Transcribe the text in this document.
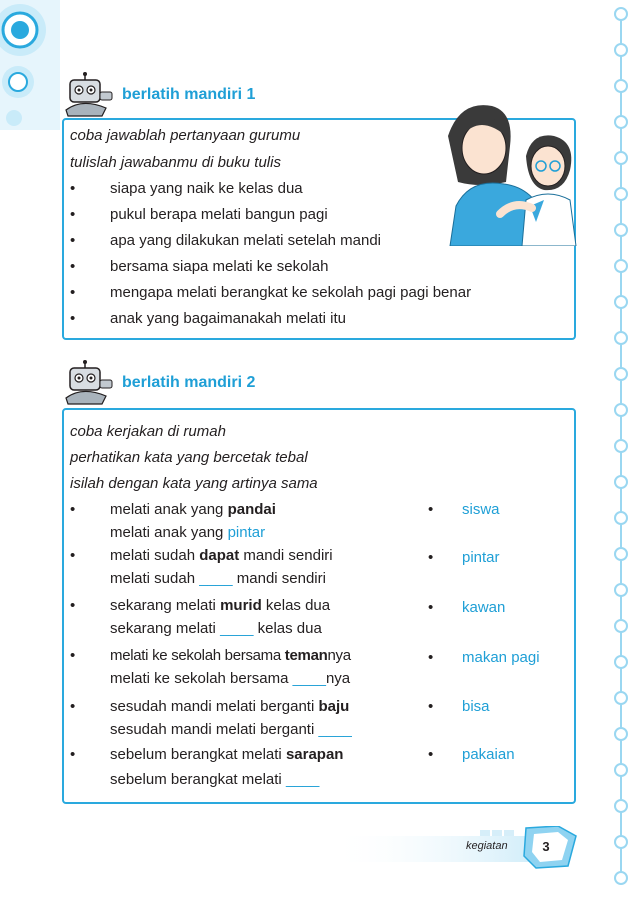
berlatih mandiri 1
coba jawablah pertanyaan gurumu
tulislah jawabanmu di buku tulis
• siapa yang naik ke kelas dua
• pukul berapa melati bangun pagi
• apa yang dilakukan melati setelah mandi
• bersama siapa melati ke sekolah
• mengapa melati berangkat ke sekolah pagi pagi benar
• anak yang bagaimanakah melati itu
berlatih mandiri 2
coba kerjakan di rumah
perhatikan kata yang bercetak tebal
isilah dengan kata yang artinya sama
• melati anak yang pandai
melati anak yang pintar
• melati sudah dapat mandi sendiri
melati sudah ____ mandi sendiri
• sekarang melati murid kelas dua
sekarang melati ____ kelas dua
• melati ke sekolah bersama temannya
melati ke sekolah bersama ____nya
• sesudah mandi melati berganti baju
sesudah mandi melati berganti ____
• sebelum berangkat melati sarapan
sebelum berangkat melati ____
• siswa
• pintar
• kawan
• makan pagi
• bisa
• pakaian
kegiatan	3
